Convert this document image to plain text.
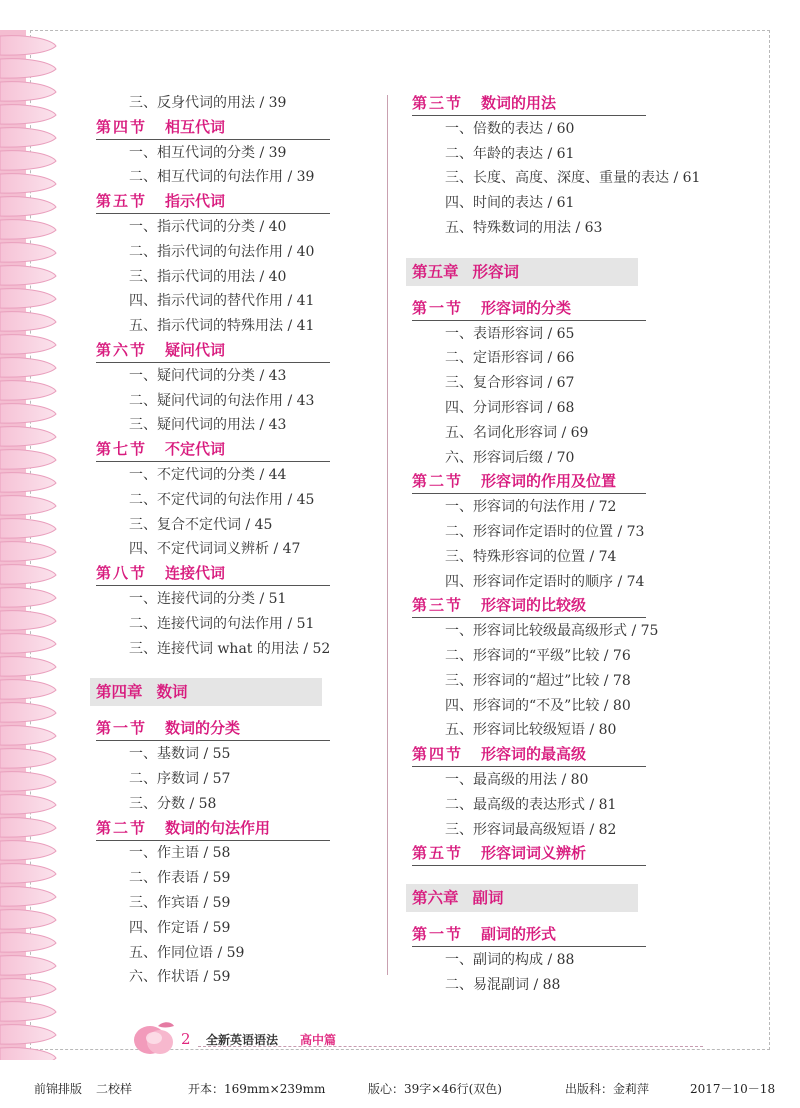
三、反身代词的用法 / 39
第四节 相互代词
一、相互代词的分类 / 39
二、相互代词的句法作用 / 39
第五节 指示代词
一、指示代词的分类 / 40
二、指示代词的句法作用 / 40
三、指示代词的用法 / 40
四、指示代词的替代作用 / 41
五、指示代词的特殊用法 / 41
第六节 疑问代词
一、疑问代词的分类 / 43
二、疑问代词的句法作用 / 43
三、疑问代词的用法 / 43
第七节 不定代词
一、不定代词的分类 / 44
二、不定代词的句法作用 / 45
三、复合不定代词 / 45
四、不定代词词义辨析 / 47
第八节 连接代词
一、连接代词的分类 / 51
二、连接代词的句法作用 / 51
三、连接代词 what 的用法 / 52
第四章 数词
第一节 数词的分类
一、基数词 / 55
二、序数词 / 57
三、分数 / 58
第二节 数词的句法作用
一、作主语 / 58
二、作表语 / 59
三、作宾语 / 59
四、作定语 / 59
五、作同位语 / 59
六、作状语 / 59
第三节 数词的用法
一、倍数的表达 / 60
二、年龄的表达 / 61
三、长度、高度、深度、重量的表达 / 61
四、时间的表达 / 61
五、特殊数词的用法 / 63
第五章 形容词
第一节 形容词的分类
一、表语形容词 / 65
二、定语形容词 / 66
三、复合形容词 / 67
四、分词形容词 / 68
五、名词化形容词 / 69
六、形容词后缀 / 70
第二节 形容词的作用及位置
一、形容词的句法作用 / 72
二、形容词作定语时的位置 / 73
三、特殊形容词的位置 / 74
四、形容词作定语时的顺序 / 74
第三节 形容词的比较级
一、形容词比较级最高级形式 / 75
二、形容词的“平级”比较 / 76
三、形容词的“超过”比较 / 78
四、形容词的“不及”比较 / 80
五、形容词比较级短语 / 80
第四节 形容词的最高级
一、最高级的用法 / 80
二、最高级的表达形式 / 81
三、形容词最高级短语 / 82
第五节 形容词词义辨析
第六章 副词
第一节 副词的形式
一、副词的构成 / 88
二、易混副词 / 88
2 全新英语语法 高中篇
前锦排版 二校样	开本：169mm×239mm	版心：39字×46行(双色)	出版科：金莉萍	2017－10－18
